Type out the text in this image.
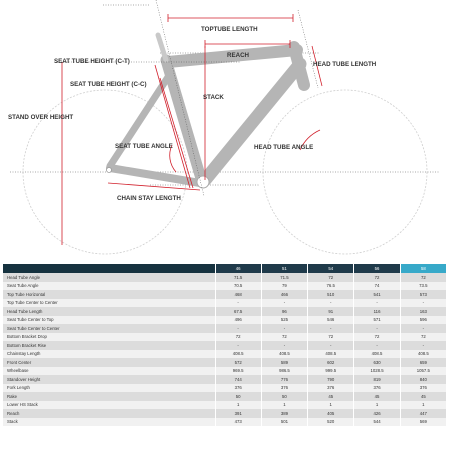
TOPTUBE LENGTH
REACH
HEAD TUBE LENGTH
SEAT TUBE HEIGHT (C-T)
SEAT TUBE HEIGHT (C-C)
STACK
STAND OVER HEIGHT
SEAT TUBE ANGLE	HEAD TUBE ANGLE
CHAIN STAY LENGTH
	46	51	54	56	58
Head Tube Angle	71.5	71.5	72	72	72
Seat Tube Angle	70.5	79	76.5	74	73.5
Top Tube Horizontal	468	466	510	541	573
Top Tube Center to Center	-	-	-	-	-
Head Tube Length	67.5	96	91	116	163
Seat Tube Center to Top	496	525	546	571	596
Seat Tube Center to Center	-	-	-	-	-
Bottom Bracket Drop	72	72	72	72	72
Bottom Bracket Rise	-	-	-	-	-
Chainstay Length	408.5	408.5	408.5	408.5	408.5
Front Center	572	589	602	630	659
Wheelbase	969.5	986.5	999.5	1028.5	1057.5
Standover Height	744	776	790	819	840
Fork Length	376	376	376	376	376
Rake	50	50	45	45	45
Lower HS Stack	1	1	1	1	1
Reach	391	389	405	426	447
Stack	473	501	520	544	569
